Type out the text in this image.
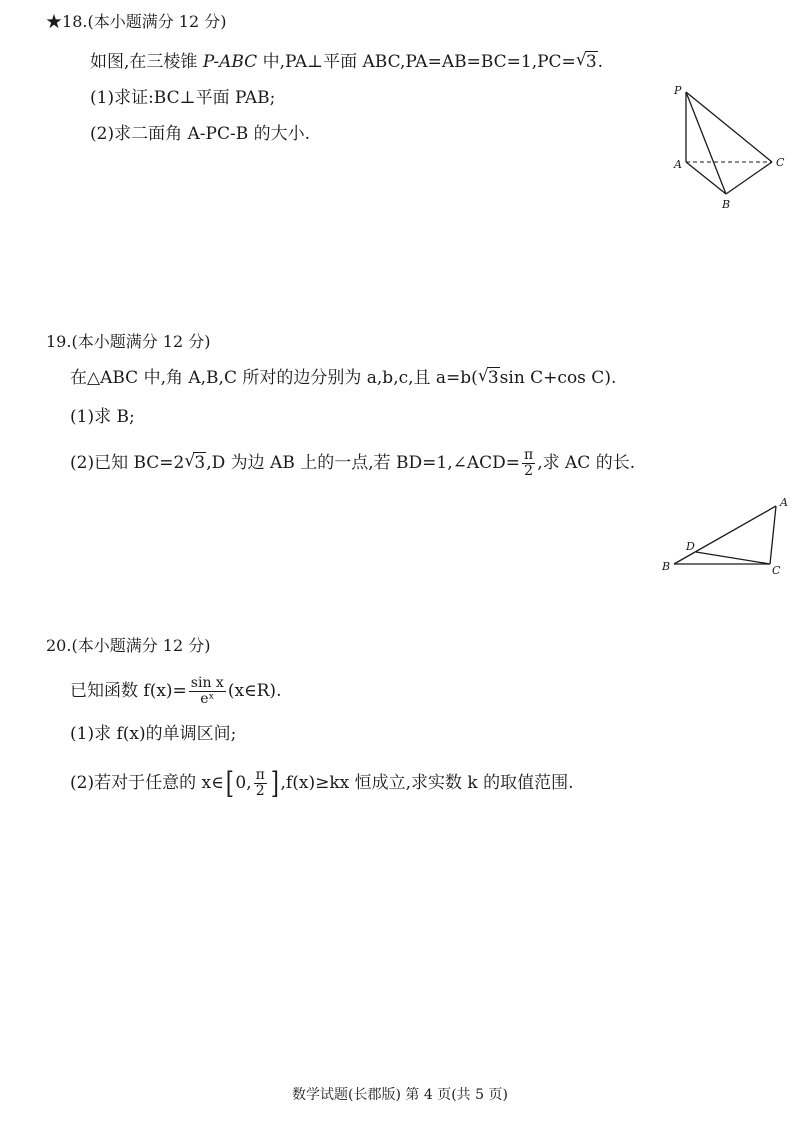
★18.(本小题满分 12 分)
如图,在三棱锥 P-ABC 中,PA⊥平面 ABC,PA=AB=BC=1,PC= √ 3.
(1)求证:BC⊥平面 PAB;
(2)求二面角 A-PC-B 的大小.
P
A
B
C
19.(本小题满分 12 分)
在△ABC 中,角 A,B,C 所对的边分别为 a,b,c,且 a=b( √ 3sin C+cos C).
(1)求 B;
(2)已知 BC=2 √ 3,D 为边 AB 上的一点,若 BD=1,∠ACD= $\frac{\pi}{2}$ ,求 AC 的长.
A
D
B	C
20.(本小题满分 12 分)
已知函数 $f(x)= \frac{\text{sin x}}{\text{eˣ}}$ (x∈R).
(1)求 f(x)的单调区间;
(2)若对于任意的 x∈[ 0, $\frac{\pi}{2}$ ] ,f(x)≥kx 恒成立,求实数 k 的取值范围.
数学试题(长郡版) 第 4 页(共 5 页)
